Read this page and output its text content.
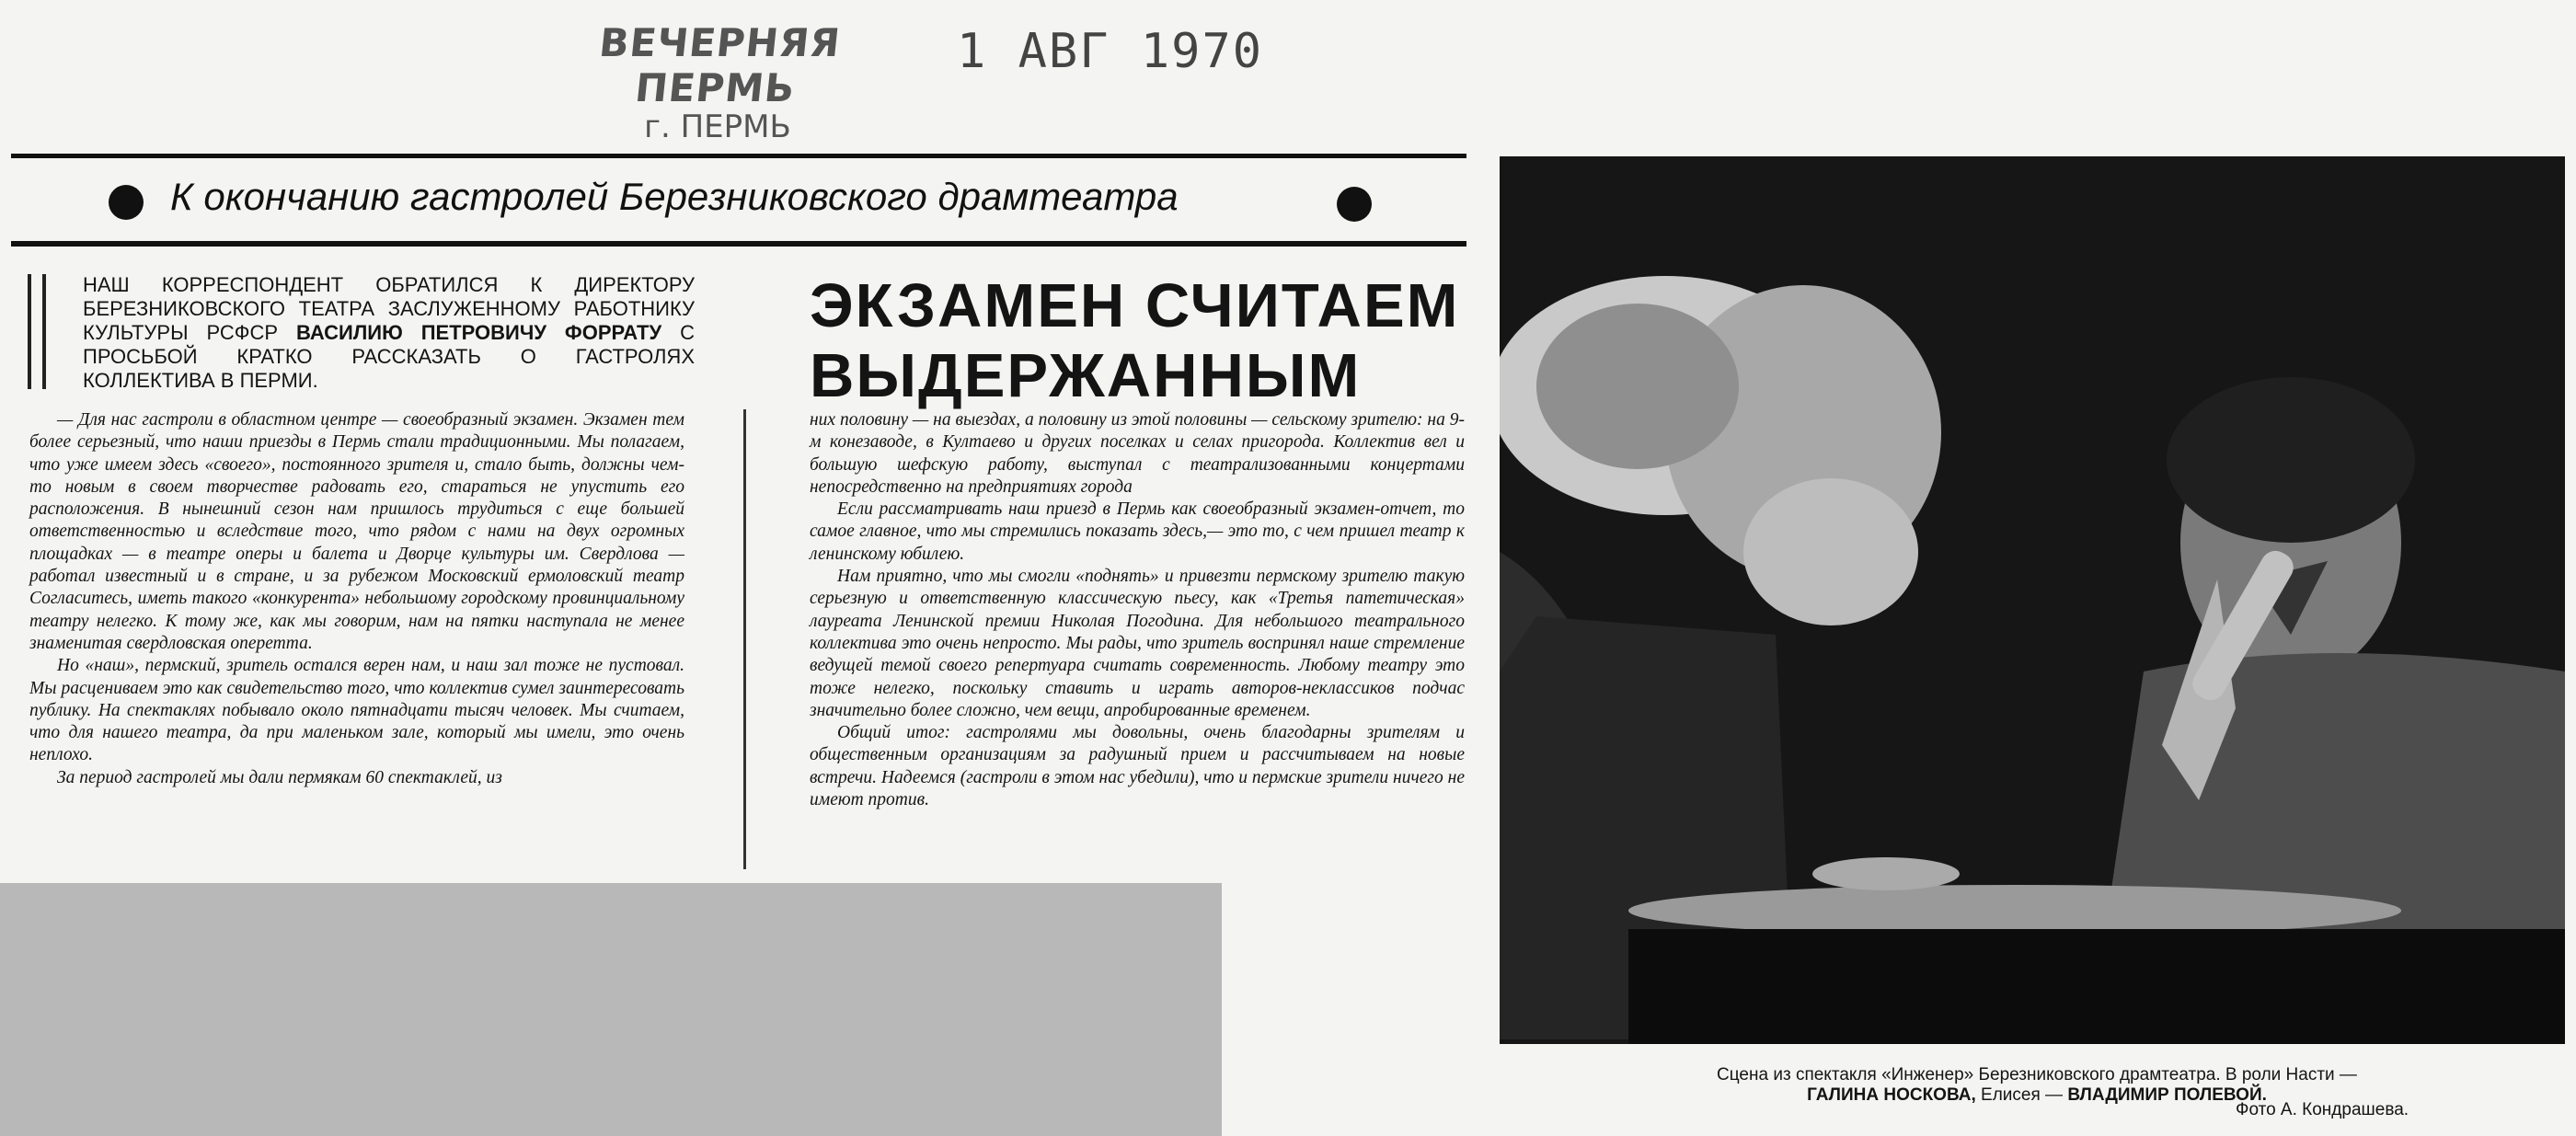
ВЕЧЕРНЯЯ ПЕРМЬ
г. ПЕРМЬ
1 АВГ 1970
К окончанию гастролей Березниковского драмтеатра
НАШ КОРРЕСПОНДЕНТ ОБРАТИЛСЯ К ДИРЕКТОРУ БЕРЕЗНИКОВСКОГО ТЕАТРА ЗАСЛУЖЕННОМУ РАБОТНИКУ КУЛЬТУРЫ РСФСР ВАСИЛИЮ ПЕТРОВИЧУ ФОРРАТУ С ПРОСЬБОЙ КРАТКО РАССКАЗАТЬ О ГАСТРОЛЯХ КОЛЛЕКТИВА В ПЕРМИ.
ЭКЗАМЕН СЧИТАЕМ
ВЫДЕРЖАННЫМ

— Для нас гастроли в областном центре — своеобразный экзамен. Экзамен тем более серьезный, что наши приезды в Пермь стали традиционными. Мы полагаем, что уже имеем здесь «своего», постоянного зрителя и, стало быть, должны чем-то новым в своем творчестве радовать его, стараться не упустить его расположения. В нынешний сезон нам пришлось трудиться с еще большей ответственностью и вследствие того, что рядом с нами на двух огромных площадках — в театре оперы и балета и Дворце культуры им. Свердлова — работал известный и в стране, и за рубежом Московский ермоловский театр Согласитесь, иметь такого «конкурента» небольшому городскому провинциальному театру нелегко. К тому же, как мы говорим, нам на пятки наступала не менее знаменитая свердловская оперетта.

Но «наш», пермский, зритель остался верен нам, и наш зал тоже не пустовал. Мы расцениваем это как свидетельство того, что коллектив сумел заинтересовать публику. На спектаклях побывало около пятнадцати тысяч человек. Мы считаем, что для нашего театра, да при маленьком зале, который мы имели, это очень неплохо.

За период гастролей мы дали пермякам 60 спектаклей, из

них половину — на выездах, а половину из этой половины — сельскому зрителю: на 9-м конезаводе, в Култаево и других поселках и селах пригорода. Коллектив вел и большую шефскую работу, выступал с театрализованными концертами непосредственно на предприятиях города

Если рассматривать наш приезд в Пермь как своеобразный экзамен-отчет, то самое главное, что мы стремились показать здесь,— это то, с чем пришел театр к ленинскому юбилею.

Нам приятно, что мы смогли «поднять» и привезти пермскому зрителю такую серьезную и ответственную классическую пьесу, как «Третья патетическая» лауреата Ленинской премии Николая Погодина. Для небольшого театрального коллектива это очень непросто. Мы рады, что зритель воспринял наше стремление ведущей темой своего репертуара считать современность. Любому театру это тоже нелегко, поскольку ставить и играть авторов-неклассиков подчас значительно более сложно, чем вещи, апробированные временем.

Общий итог: гастролями мы довольны, очень благодарны зрителям и общественным организациям за радушный прием и рассчитываем на новые встречи. Надеемся (гастроли в этом нас убедили), что и пермские зрители ничего не имеют против.

Сцена из спектакля «Инженер» Березниковского драмтеатра. В роли Насти —
ГАЛИНА НОСКОВА, Елисея — ВЛАДИМИР ПОЛЕВОЙ.
Фото А. Кондрашева.
